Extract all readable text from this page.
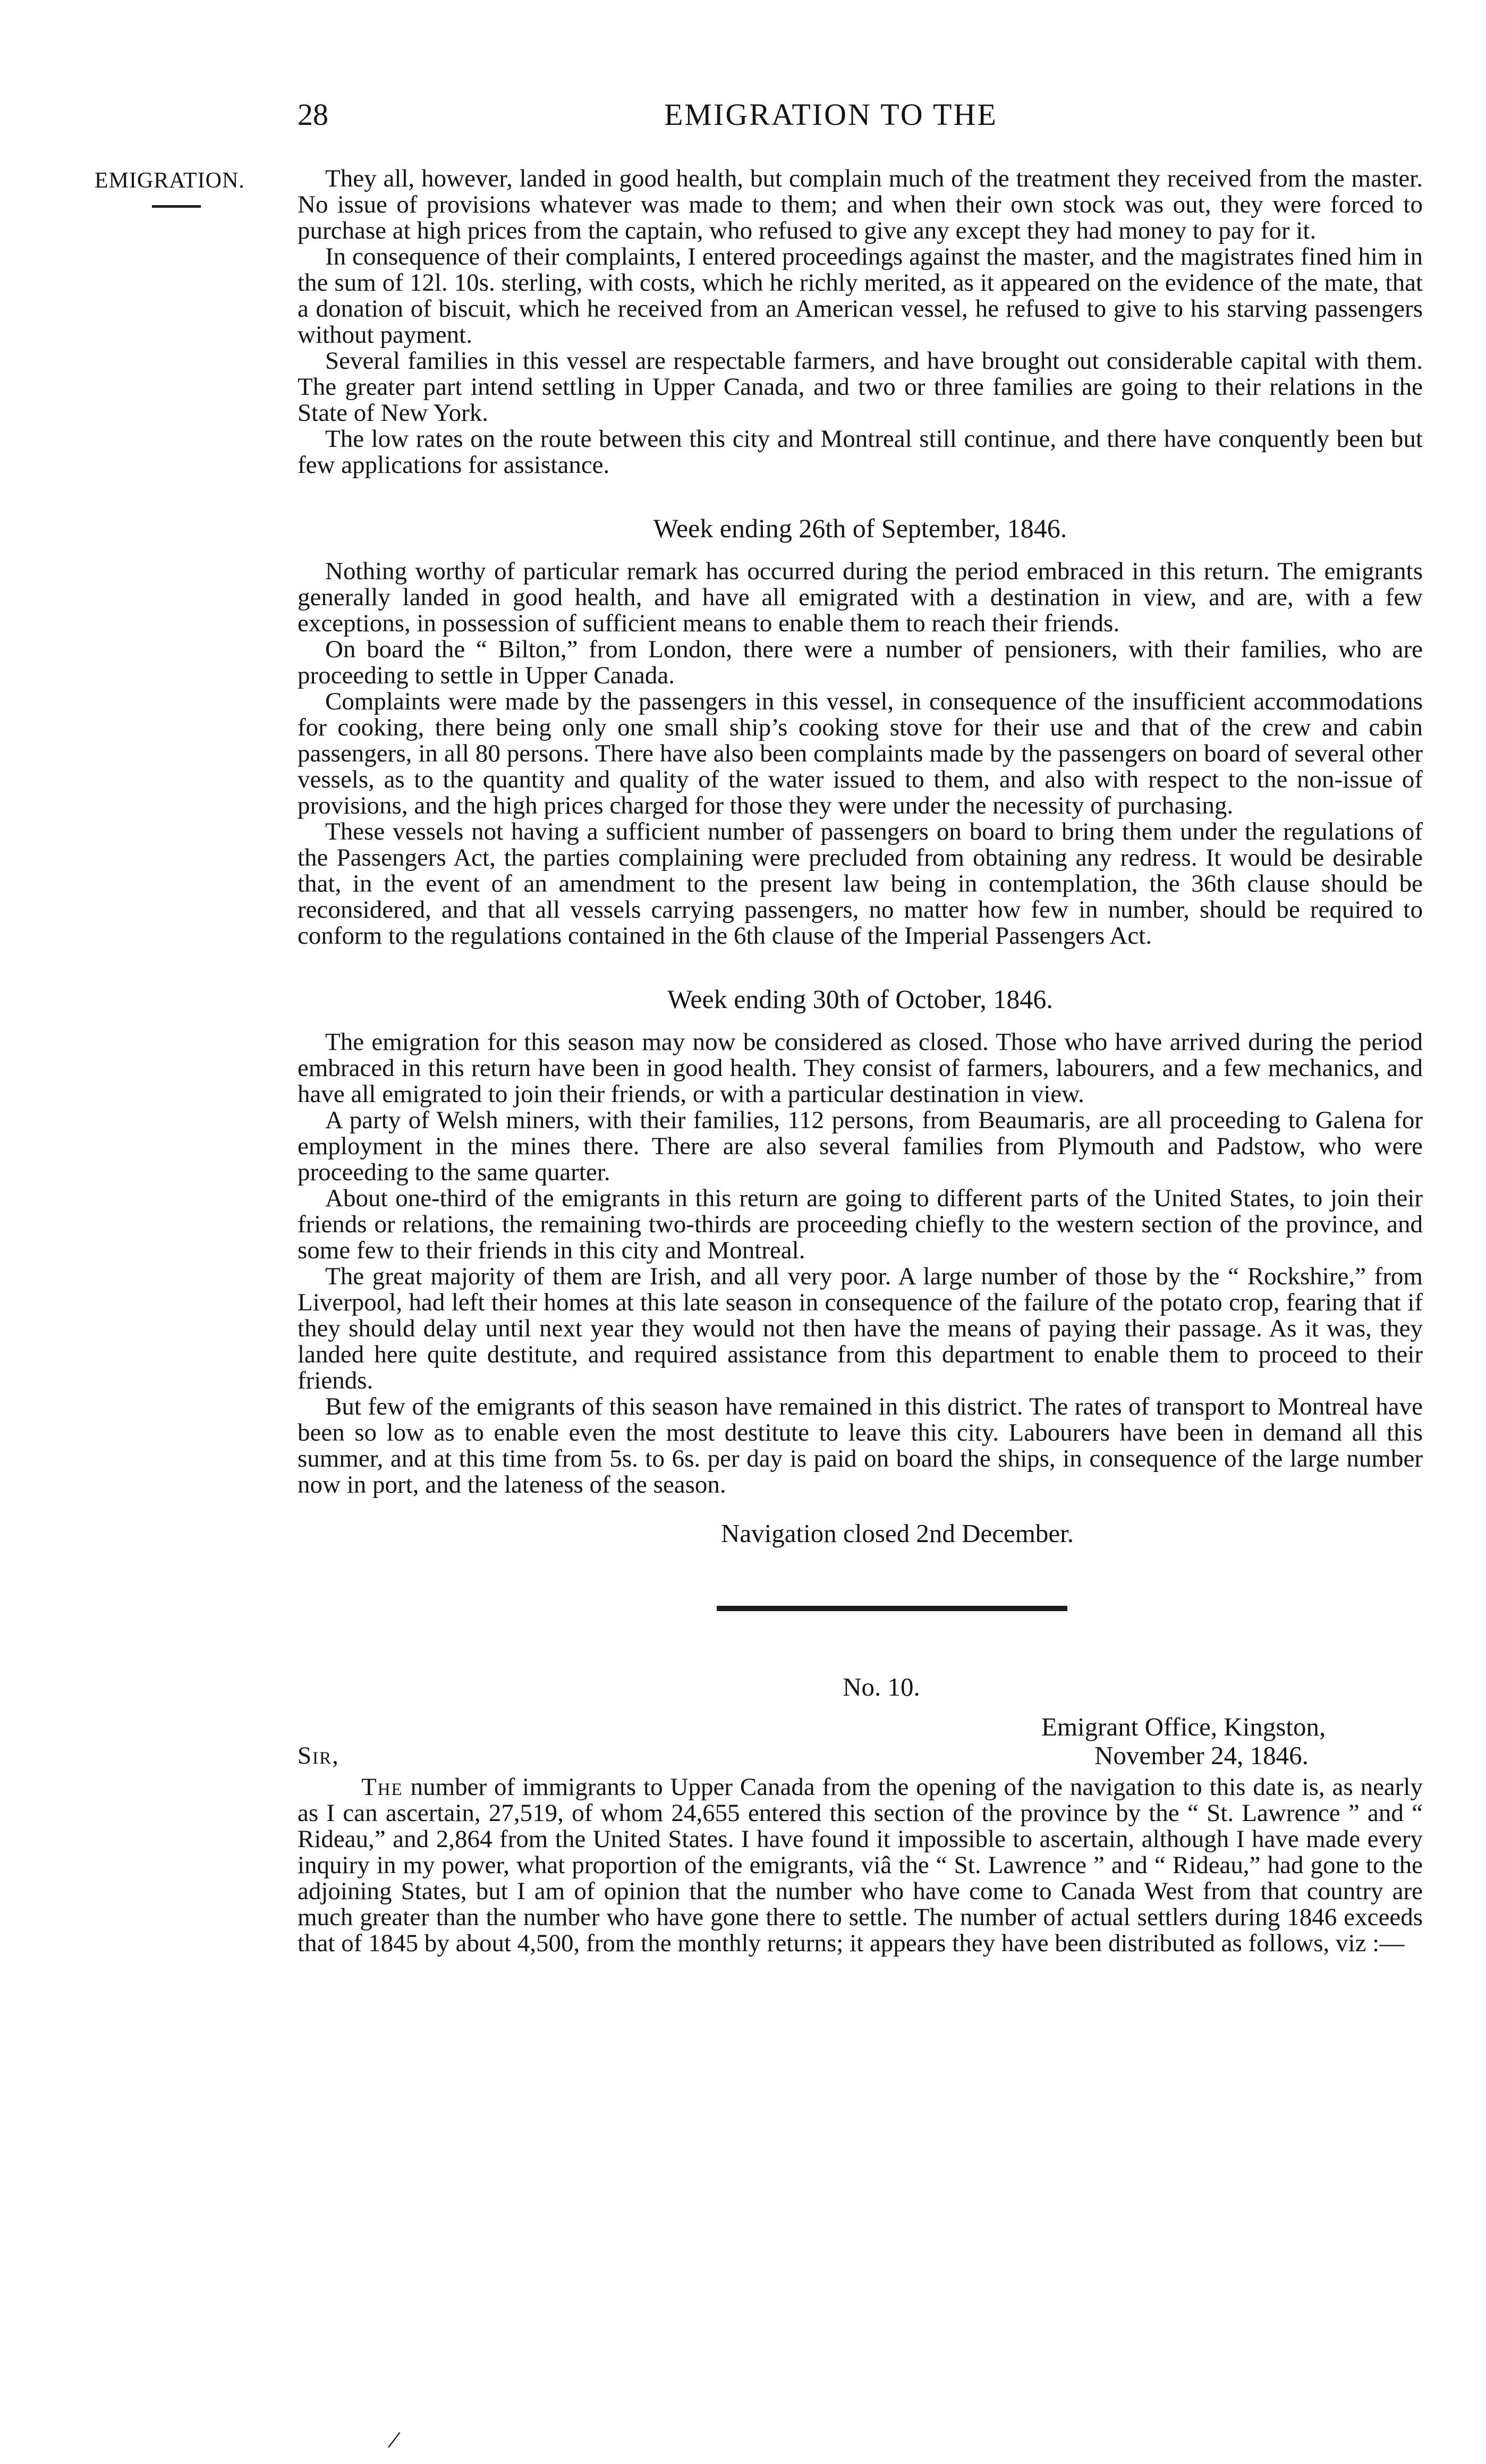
28	EMIGRATION TO THE
EMIGRATION.	They all, however, landed in good health, but complain much of the treatment they received from the master. No issue of provisions whatever was made to them; and when their own stock was out, they were forced to purchase at high prices from the captain, who refused to give any except they had money to pay for it.

In consequence of their complaints, I entered proceedings against the master, and the magistrates fined him in the sum of 12l. 10s. sterling, with costs, which he richly merited, as it appeared on the evidence of the mate, that a donation of biscuit, which he received from an American vessel, he refused to give to his starving passengers without payment.

Several families in this vessel are respectable farmers, and have brought out considerable capital with them. The greater part intend settling in Upper Canada, and two or three families are going to their relations in the State of New York.

The low rates on the route between this city and Montreal still continue, and there have conquently been but few applications for assistance.

Week ending 26th of September, 1846.

Nothing worthy of particular remark has occurred during the period embraced in this return. The emigrants generally landed in good health, and have all emigrated with a destination in view, and are, with a few exceptions, in possession of sufficient means to enable them to reach their friends.

On board the “ Bilton,” from London, there were a number of pensioners, with their families, who are proceeding to settle in Upper Canada.

Complaints were made by the passengers in this vessel, in consequence of the insufficient accommodations for cooking, there being only one small ship’s cooking stove for their use and that of the crew and cabin passengers, in all 80 persons. There have also been complaints made by the passengers on board of several other vessels, as to the quantity and quality of the water issued to them, and also with respect to the non-issue of provisions, and the high prices charged for those they were under the necessity of purchasing.

These vessels not having a sufficient number of passengers on board to bring them under the regulations of the Passengers Act, the parties complaining were precluded from obtaining any redress. It would be desirable that, in the event of an amendment to the present law being in contemplation, the 36th clause should be reconsidered, and that all vessels carrying passengers, no matter how few in number, should be required to conform to the regulations contained in the 6th clause of the Imperial Passengers Act.

Week ending 30th of October, 1846.

The emigration for this season may now be considered as closed. Those who have arrived during the period embraced in this return have been in good health. They consist of farmers, labourers, and a few mechanics, and have all emigrated to join their friends, or with a particular destination in view.

A party of Welsh miners, with their families, 112 persons, from Beaumaris, are all proceeding to Galena for employment in the mines there. There are also several families from Plymouth and Padstow, who were proceeding to the same quarter.

About one-third of the emigrants in this return are going to different parts of the United States, to join their friends or relations, the remaining two-thirds are proceeding chiefly to the western section of the province, and some few to their friends in this city and Montreal.

The great majority of them are Irish, and all very poor. A large number of those by the “ Rockshire,” from Liverpool, had left their homes at this late season in consequence of the failure of the potato crop, fearing that if they should delay until next year they would not then have the means of paying their passage. As it was, they landed here quite destitute, and required assistance from this department to enable them to proceed to their friends.

But few of the emigrants of this season have remained in this district. The rates of transport to Montreal have been so low as to enable even the most destitute to leave this city. Labourers have been in demand all this summer, and at this time from 5s. to 6s. per day is paid on board the ships, in consequence of the large number now in port, and the lateness of the season.

Navigation closed 2nd December.
No. 10.
Emigrant Office, Kingston,
November 24, 1846.
Sir,

The number of immigrants to Upper Canada from the opening of the navigation to this date is, as nearly as I can ascertain, 27,519, of whom 24,655 entered this section of the province by the “ St. Lawrence ” and “ Rideau,” and 2,864 from the United States. I have found it impossible to ascertain, although I have made every inquiry in my power, what proportion of the emigrants, viâ the “ St. Lawrence ” and “ Rideau,” had gone to the adjoining States, but I am of opinion that the number who have come to Canada West from that country are much greater than the number who have gone there to settle. The number of actual settlers during 1846 exceeds that of 1845 by about 4,500, from the monthly returns; it appears they have been distributed as follows, viz :—

/
